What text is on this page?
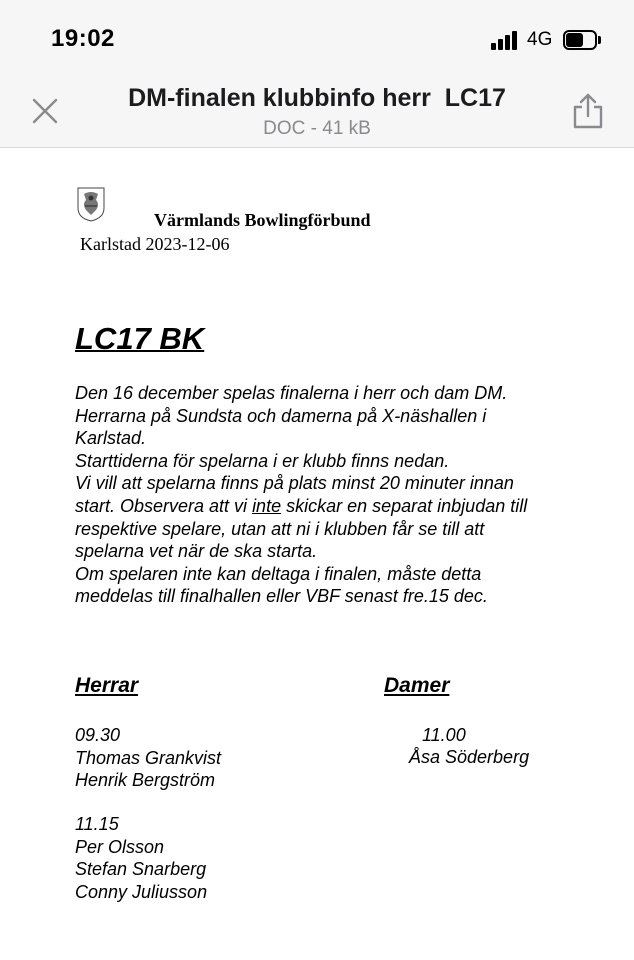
19:02	4G
DM-finalen klubbinfo herr  LC17
DOC - 41 kB
Värmlands Bowlingförbund
Karlstad 2023-12-06
LC17 BK
Den 16 december spelas finalerna i herr och dam DM.
Herrarna på Sundsta och damerna på X-näshallen i
Karlstad.
Starttiderna för spelarna i er klubb finns nedan.
Vi vill att spelarna finns på plats minst 20 minuter innan
start. Observera att vi inte skickar en separat inbjudan till
respektive spelare, utan att ni i klubben får se till att
spelarna vet när de ska starta.
Om spelaren inte kan deltaga i finalen, måste detta
meddelas till finalhallen eller VBF senast fre.15 dec.
Herrar	Damer
09.30
Thomas Grankvist
Henrik Bergström
11.15
Per Olsson
Stefan Snarberg
Conny Juliusson
11.00
Åsa Söderberg
